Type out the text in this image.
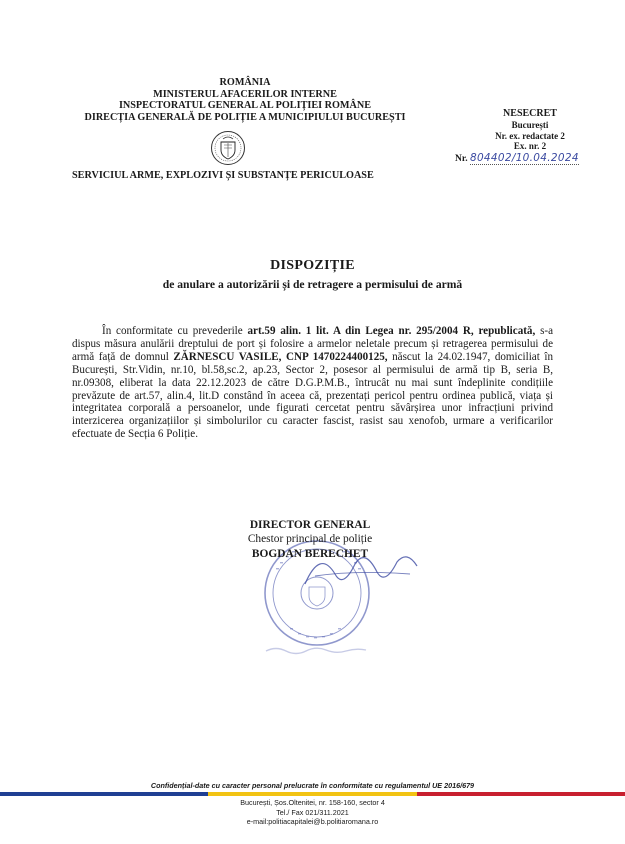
ROMÂNIA
MINISTERUL AFACERILOR INTERNE
INSPECTORATUL GENERAL AL POLIȚIEI ROMÂNE
DIRECȚIA GENERALĂ DE POLIȚIE A MUNICIPIULUI BUCUREȘTI
SERVICIUL ARME, EXPLOZIVI ȘI SUBSTANȚE PERICULOASE
NESECRET
București
Nr. ex. redactate 2
Ex. nr. 2
Nr. 804402/10.04.2024
DISPOZIȚIE
de anulare a autorizării și de retragere a permisului de armă
În conformitate cu prevederile art.59 alin. 1 lit. A din Legea nr. 295/2004 R, republicată, s-a dispus măsura anulării dreptului de port și folosire a armelor neletale precum și retragerea permisului de armă față de domnul ZĂRNESCU VASILE, CNP 1470224400125, născut la 24.02.1947, domiciliat în București, Str.Vidin, nr.10, bl.58,sc.2, ap.23, Sector 2, posesor al permisului de armă tip B, seria B, nr.09308, eliberat la data 22.12.2023 de către D.G.P.M.B., întrucât nu mai sunt îndeplinite condițiile prevăzute de art.57, alin.4, lit.D constând în aceea că, prezentați pericol pentru ordinea publică, viața și integritatea corporală a persoanelor, unde figurati cercetat pentru săvârșirea unor infracțiuni privind interzicerea organizațiilor și simbolurilor cu caracter fascist, rasist sau xenofob, urmare a verificarilor efectuate de Secția 6 Poliție.
DIRECTOR GENERAL
Chestor principal de poliție
BOGDAN BERECHET
Confidențial-date cu caracter personal prelucrate în conformitate cu regulamentul UE 2016/679
București, Șos.Oltenitei, nr. 158-160, sector 4
Tel./ Fax 021/311.2021
e-mail:politiacapitalei@b.politiaromana.ro
